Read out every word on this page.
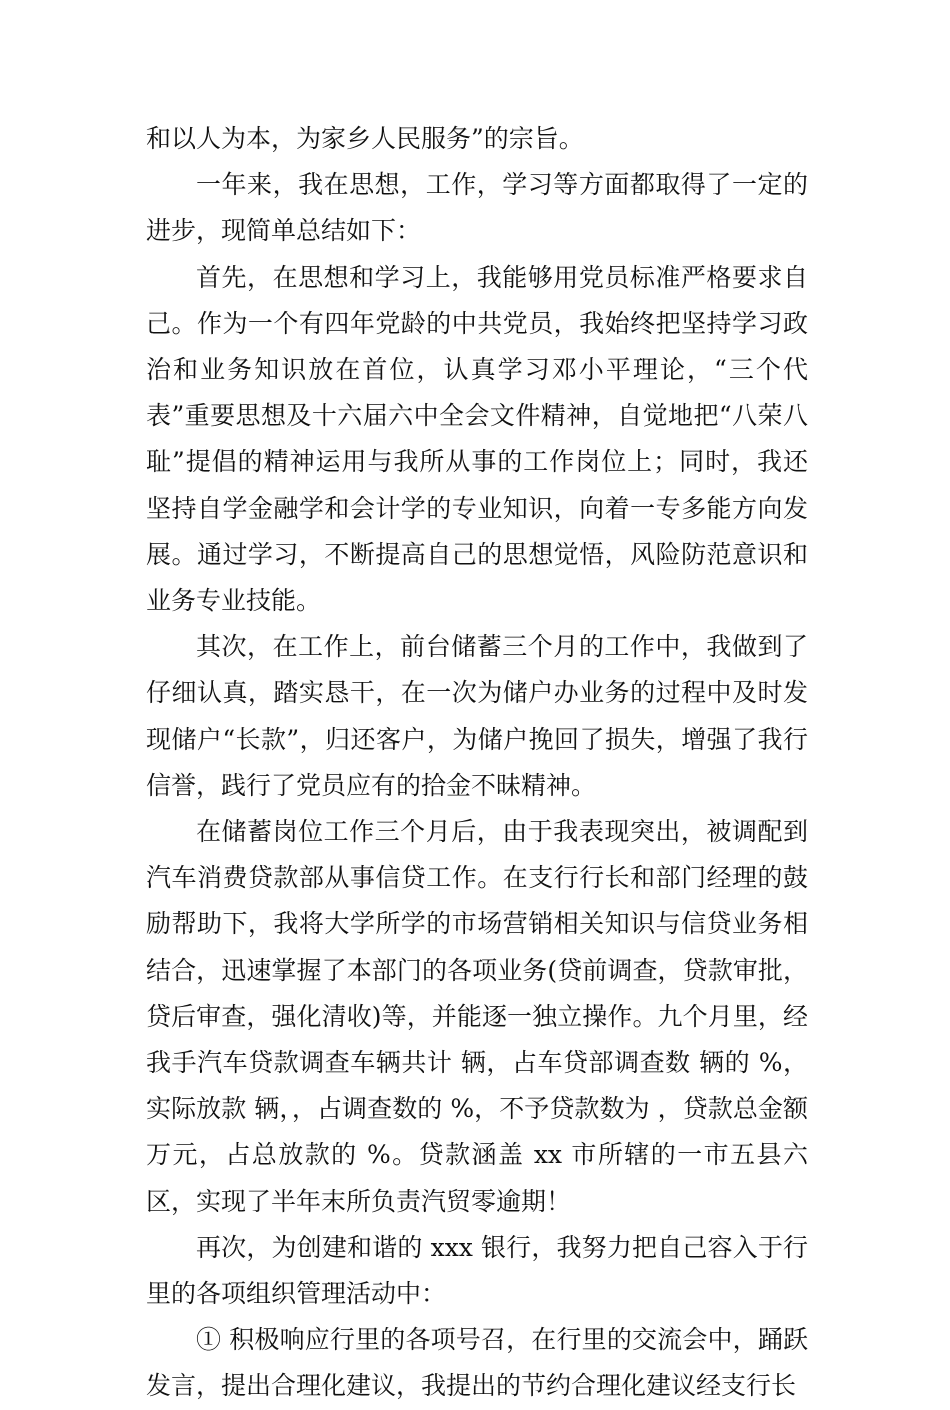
和以人为本，为家乡人民服务”的宗旨。

一年来，我在思想，工作，学习等方面都取得了一定的进步，现简单总结如下：

首先，在思想和学习上，我能够用党员标准严格要求自己。作为一个有四年党龄的中共党员，我始终把坚持学习政治和业务知识放在首位，认真学习邓小平理论，“三个代表”重要思想及十六届六中全会文件精神，自觉地把“八荣八耻”提倡的精神运用与我所从事的工作岗位上；同时，我还坚持自学金融学和会计学的专业知识，向着一专多能方向发展。通过学习，不断提高自己的思想觉悟，风险防范意识和业务专业技能。

其次，在工作上，前台储蓄三个月的工作中，我做到了仔细认真，踏实恳干，在一次为储户办业务的过程中及时发现储户“长款”，归还客户，为储户挽回了损失，增强了我行信誉，践行了党员应有的拾金不昧精神。

在储蓄岗位工作三个月后，由于我表现突出，被调配到汽车消费贷款部从事信贷工作。在支行行长和部门经理的鼓励帮助下，我将大学所学的市场营销相关知识与信贷业务相结合，迅速掌握了本部门的各项业务(贷前调查，贷款审批，贷后审查，强化清收)等，并能逐一独立操作。九个月里，经我手汽车贷款调查车辆共计 辆，占车贷部调查数 辆的 %，实际放款 辆，，占调查数的 %，不予贷款数为 ，贷款总金额 万元，占总放款的 %。贷款涵盖 xx 市所辖的一市五县六区，实现了半年末所负责汽贸零逾期！

再次，为创建和谐的 xxx 银行，我努力把自己容入于行里的各项组织管理活动中：

① 积极响应行里的各项号召，在行里的交流会中，踊跃发言，提出合理化建议，我提出的节约合理化建议经支行长
